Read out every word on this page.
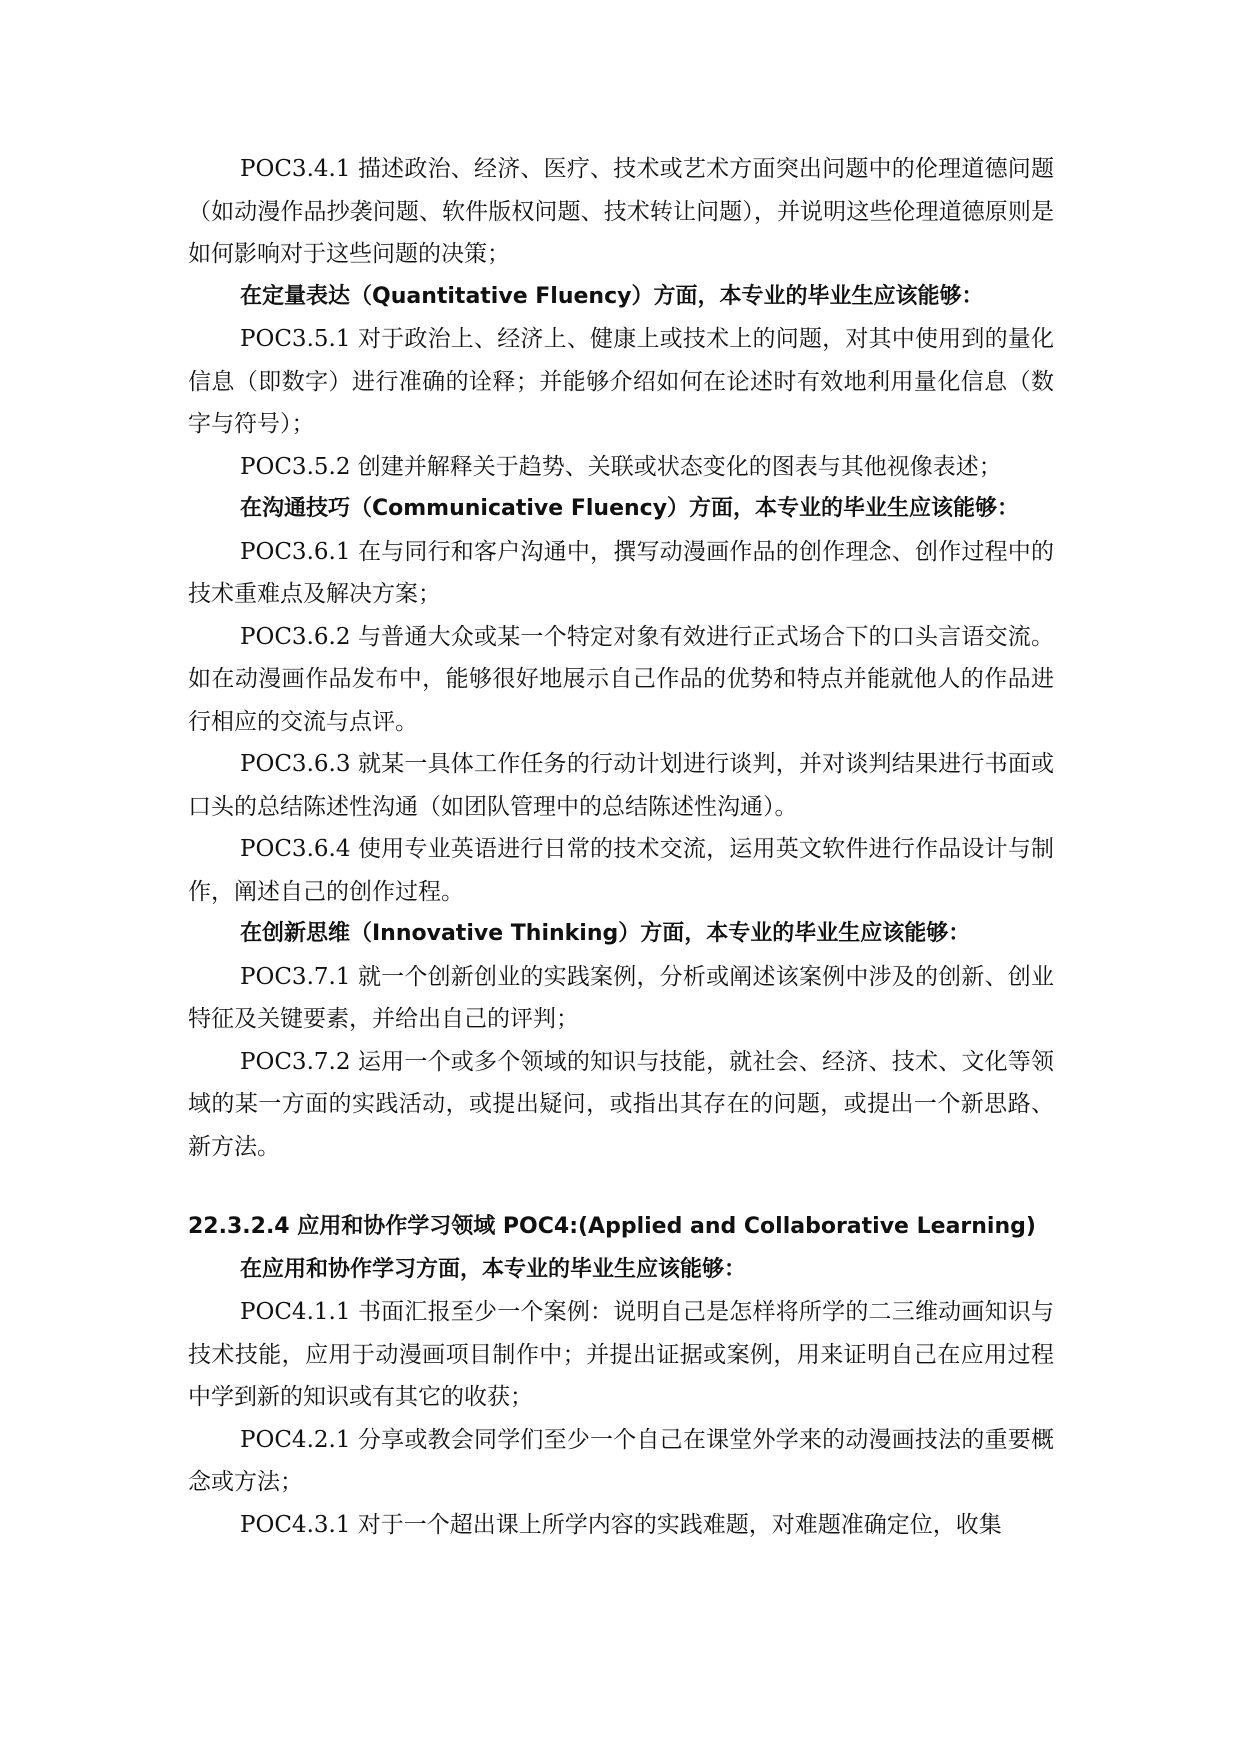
POC3.4.1 描述政治、经济、医疗、技术或艺术方面突出问题中的伦理道德问题（如动漫作品抄袭问题、软件版权问题、技术转让问题），并说明这些伦理道德原则是如何影响对于这些问题的决策；

在定量表达（Quantitative Fluency）方面，本专业的毕业生应该能够：

POC3.5.1 对于政治上、经济上、健康上或技术上的问题，对其中使用到的量化信息（即数字）进行准确的诠释；并能够介绍如何在论述时有效地利用量化信息（数字与符号）；

POC3.5.2 创建并解释关于趋势、关联或状态变化的图表与其他视像表述；

在沟通技巧（Communicative Fluency）方面，本专业的毕业生应该能够：

POC3.6.1 在与同行和客户沟通中，撰写动漫画作品的创作理念、创作过程中的技术重难点及解决方案；

POC3.6.2 与普通大众或某一个特定对象有效进行正式场合下的口头言语交流。如在动漫画作品发布中，能够很好地展示自己作品的优势和特点并能就他人的作品进行相应的交流与点评。

POC3.6.3 就某一具体工作任务的行动计划进行谈判，并对谈判结果进行书面或口头的总结陈述性沟通（如团队管理中的总结陈述性沟通）。

POC3.6.4 使用专业英语进行日常的技术交流，运用英文软件进行作品设计与制作，阐述自己的创作过程。

在创新思维（Innovative Thinking）方面，本专业的毕业生应该能够：

POC3.7.1 就一个创新创业的实践案例，分析或阐述该案例中涉及的创新、创业特征及关键要素，并给出自己的评判；

POC3.7.2 运用一个或多个领域的知识与技能，就社会、经济、技术、文化等领域的某一方面的实践活动，或提出疑问，或指出其存在的问题，或提出一个新思路、新方法。

22.3.2.4 应用和协作学习领域 POC4:(Applied and Collaborative Learning)

在应用和协作学习方面，本专业的毕业生应该能够：

POC4.1.1 书面汇报至少一个案例：说明自己是怎样将所学的二三维动画知识与技术技能，应用于动漫画项目制作中；并提出证据或案例，用来证明自己在应用过程中学到新的知识或有其它的收获；

POC4.2.1 分享或教会同学们至少一个自己在课堂外学来的动漫画技法的重要概念或方法；

POC4.3.1 对于一个超出课上所学内容的实践难题，对难题准确定位，收集
